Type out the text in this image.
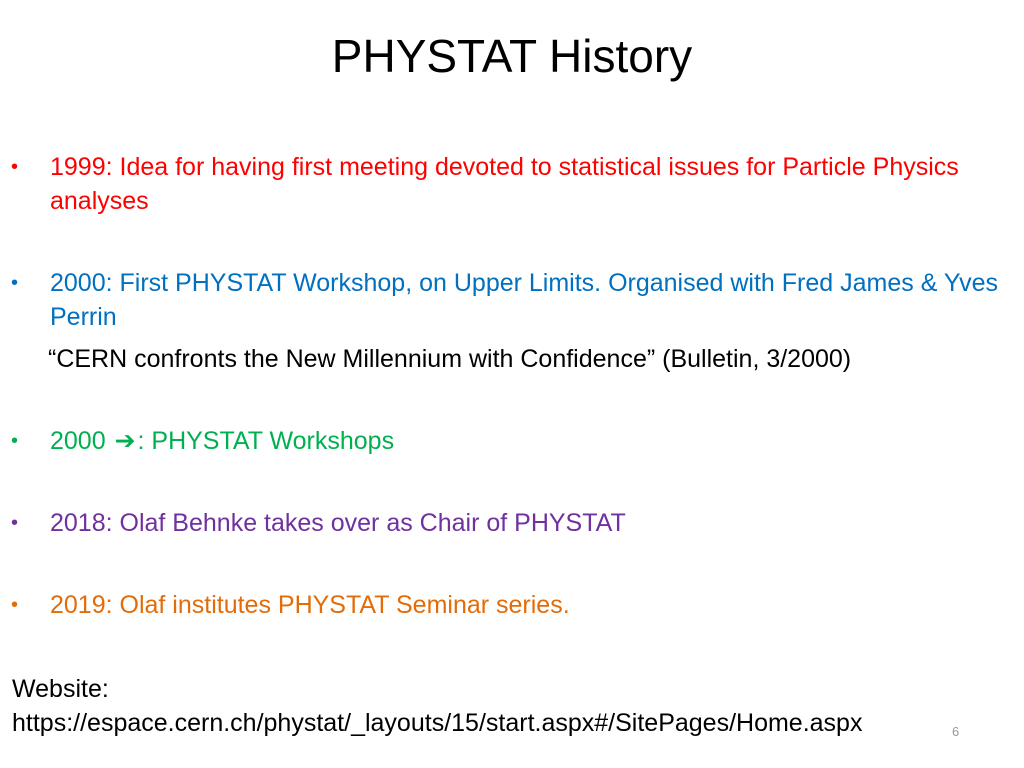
PHYSTAT History
•	1999: Idea for having first meeting devoted to statistical issues for Particle Physics analyses
•	2000: First PHYSTAT Workshop, on Upper Limits. Organised with Fred James & Yves Perrin
“CERN confronts the New Millennium with Confidence” (Bulletin, 3/2000)
•	2000 ➔: PHYSTAT Workshops
•	2018: Olaf Behnke takes over as Chair of PHYSTAT
•	2019: Olaf institutes PHYSTAT Seminar series.
Website:
https://espace.cern.ch/phystat/_layouts/15/start.aspx#/SitePages/Home.aspx	6
